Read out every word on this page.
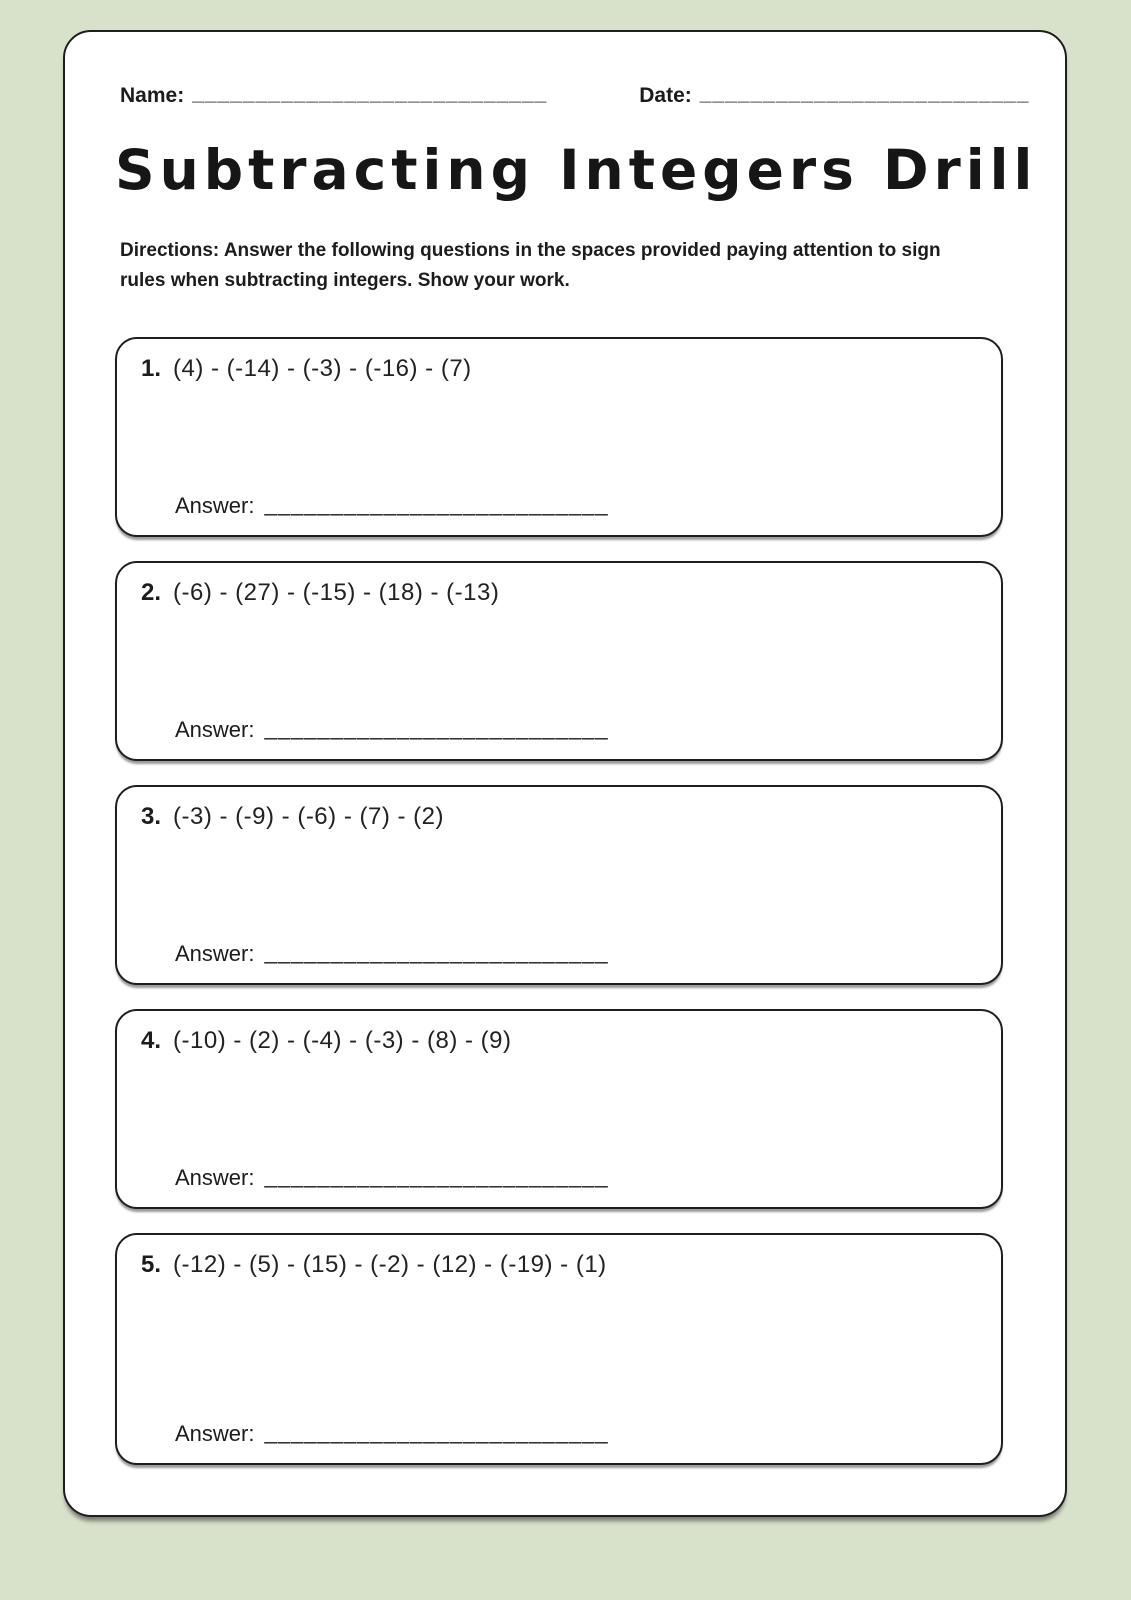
Name: ____________________________	Date: __________________________
Subtracting Integers Drill
Directions: Answer the following questions in the spaces provided paying attention to sign rules when subtracting integers. Show your work.
1. (4) - (-14) - (-3) - (-16) - (7)
Answer: __________________________
2. (-6) - (27) - (-15) - (18) - (-13)
Answer: __________________________
3. (-3) - (-9) - (-6) - (7) - (2)
Answer: __________________________
4. (-10) - (2) - (-4) - (-3) - (8) - (9)
Answer: __________________________
5. (-12) - (5) - (15) - (-2) - (12) - (-19) - (1)
Answer: __________________________
